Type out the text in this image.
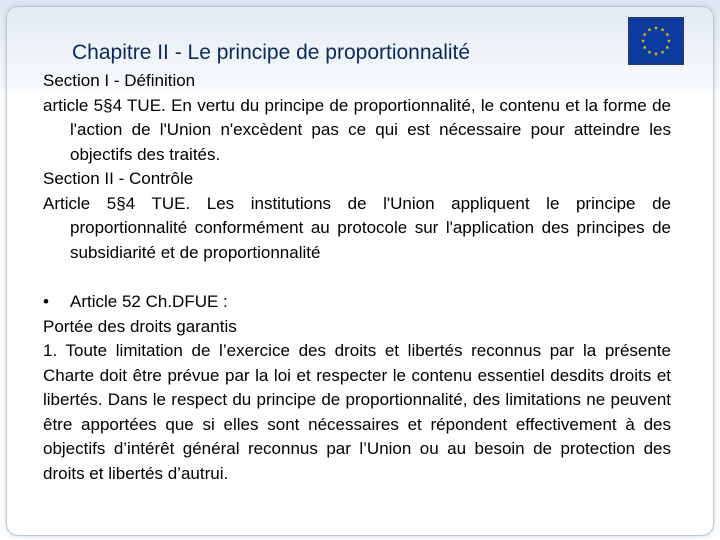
Chapitre II - Le principe de proportionnalité

Section I - Définition

article 5§4 TUE. En vertu du principe de proportionnalité, le contenu et la forme de l'action de l'Union n'excèdent pas ce qui est nécessaire pour atteindre les objectifs des traités.

Section II - Contrôle

Article 5§4 TUE. Les institutions de l'Union appliquent le principe de proportionnalité conformément au protocole sur l'application des principes de subsidiarité et de proportionnalité

• Article 52 Ch.DFUE :

Portée des droits garantis

1. Toute limitation de l’exercice des droits et libertés reconnus par la présente Charte doit être prévue par la loi et respecter le contenu essentiel desdits droits et libertés. Dans le respect du principe de proportionnalité, des limitations ne peuvent être apportées que si elles sont nécessaires et répondent effectivement à des objectifs d’intérêt général reconnus par l’Union ou au besoin de protection des droits et libertés d’autrui.
